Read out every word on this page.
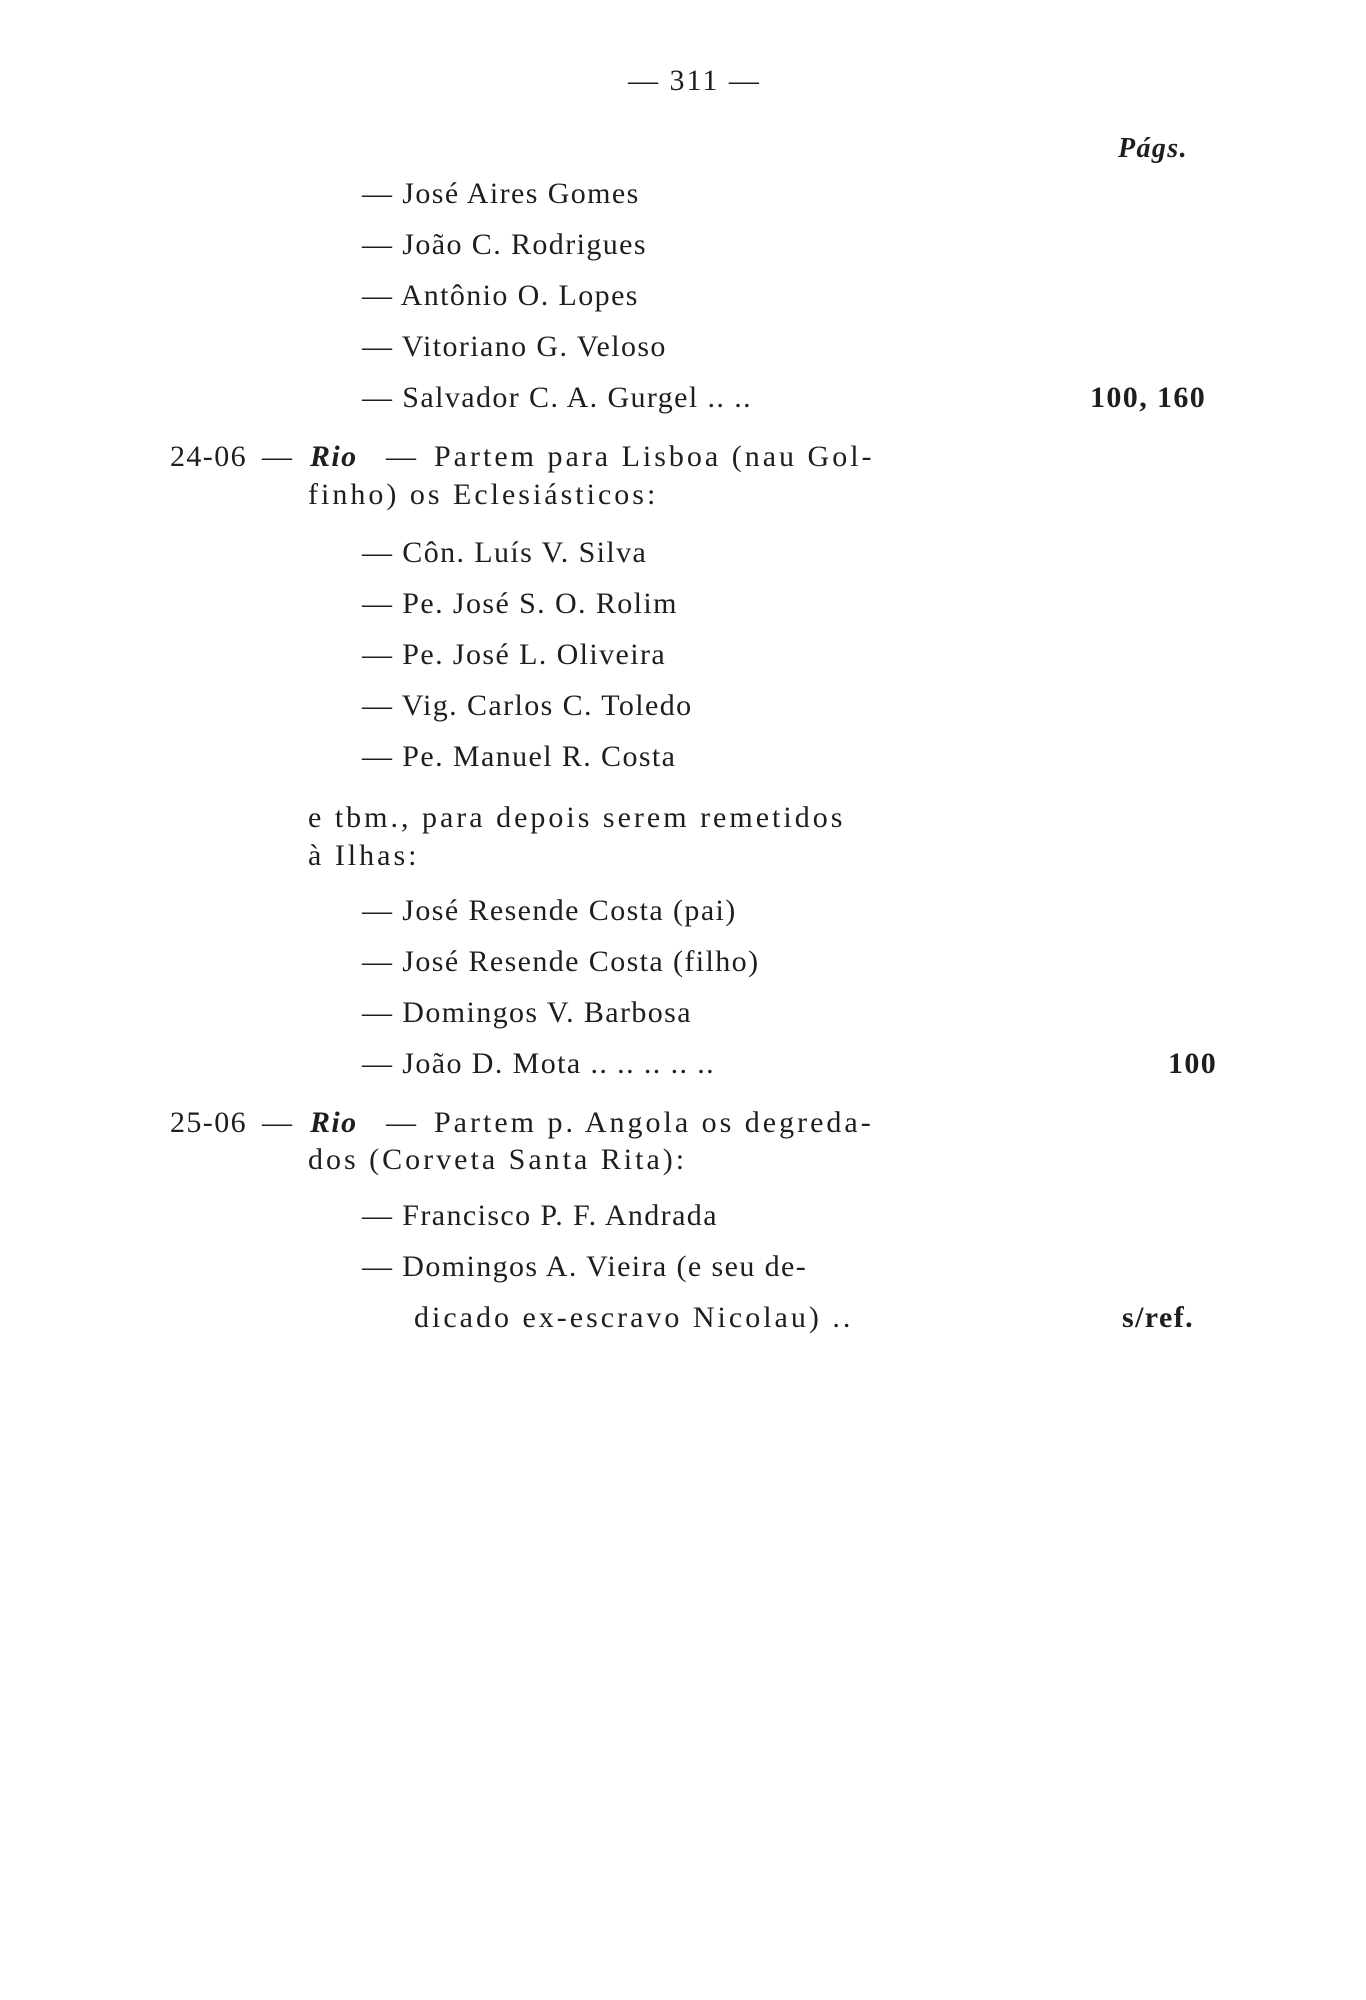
— 311 —
Págs.
— José Aires Gomes
— João C. Rodrigues
— Antônio O. Lopes
— Vitoriano G. Veloso
— Salvador C. A. Gurgel .. ..	100, 160
24-06 — Rio — Partem para Lisboa (nau Gol-
finho) os Eclesiásticos:
— Côn. Luís V. Silva
— Pe. José S. O. Rolim
— Pe. José L. Oliveira
— Vig. Carlos C. Toledo
— Pe. Manuel R. Costa
e tbm., para depois serem remetidos
à Ilhas:
— José Resende Costa (pai)
— José Resende Costa (filho)
— Domingos V. Barbosa
— João D. Mota .. .. .. .. ..	100
25-06 — Rio — Partem p. Angola os degreda-
dos (Corveta Santa Rita):
— Francisco P. F. Andrada
— Domingos A. Vieira (e seu de-
dicado ex-escravo Nicolau) ..	s/ref.
